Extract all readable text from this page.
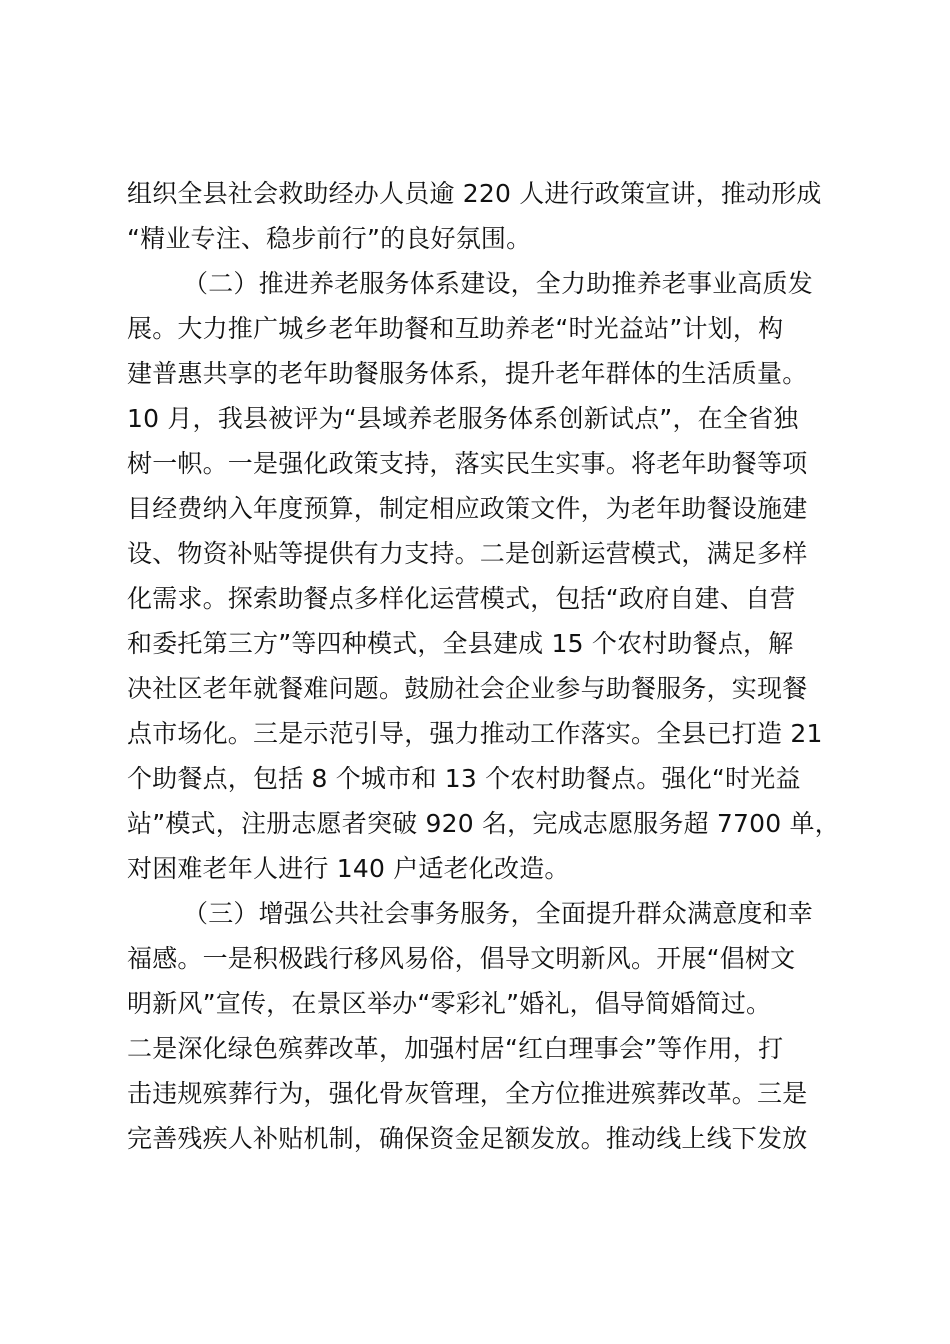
组织全县社会救助经办人员逾 220 人进行政策宣讲，推动形成
“精业专注、稳步前行”的良好氛围。
（二）推进养老服务体系建设，全力助推养老事业高质发
展。大力推广城乡老年助餐和互助养老“时光益站”计划，构
建普惠共享的老年助餐服务体系，提升老年群体的生活质量。
10 月，我县被评为“县域养老服务体系创新试点”，在全省独
树一帜。一是强化政策支持，落实民生实事。将老年助餐等项
目经费纳入年度预算，制定相应政策文件，为老年助餐设施建
设、物资补贴等提供有力支持。二是创新运营模式，满足多样
化需求。探索助餐点多样化运营模式，包括“政府自建、自营
和委托第三方”等四种模式，全县建成 15 个农村助餐点，解
决社区老年就餐难问题。鼓励社会企业参与助餐服务，实现餐
点市场化。三是示范引导，强力推动工作落实。全县已打造 21
个助餐点，包括 8 个城市和 13 个农村助餐点。强化“时光益
站”模式，注册志愿者突破 920 名，完成志愿服务超 7700 单，
对困难老年人进行 140 户适老化改造。
（三）增强公共社会事务服务，全面提升群众满意度和幸
福感。一是积极践行移风易俗，倡导文明新风。开展“倡树文
明新风”宣传，在景区举办“零彩礼”婚礼，倡导简婚简过。
二是深化绿色殡葬改革，加强村居“红白理事会”等作用，打
击违规殡葬行为，强化骨灰管理，全方位推进殡葬改革。三是
完善残疾人补贴机制，确保资金足额发放。推动线上线下发放
